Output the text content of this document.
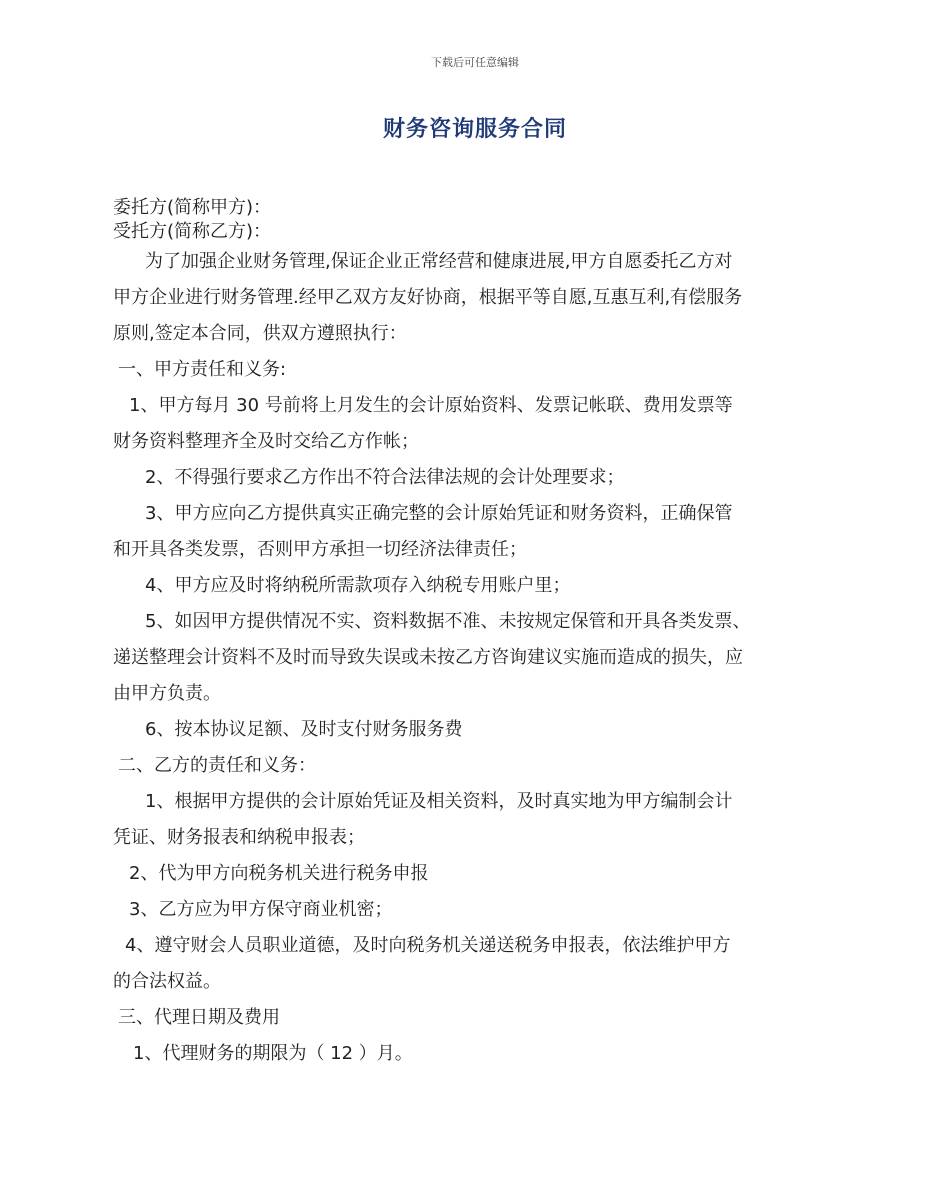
下载后可任意编辑
财务咨询服务合同
委托方(简称甲方)：
受托方(简称乙方)：
为了加强企业财务管理,保证企业正常经营和健康进展,甲方自愿委托乙方对
甲方企业进行财务管理.经甲乙双方友好协商，根据平等自愿,互惠互利,有偿服务
原则,签定本合同，供双方遵照执行：
一、甲方责任和义务:
1、甲方每月 30 号前将上月发生的会计原始资料、发票记帐联、费用发票等
财务资料整理齐全及时交给乙方作帐；
2、不得强行要求乙方作出不符合法律法规的会计处理要求；
3、甲方应向乙方提供真实正确完整的会计原始凭证和财务资料，正确保管
和开具各类发票，否则甲方承担一切经济法律责任；
4、甲方应及时将纳税所需款项存入纳税专用账户里；
5、如因甲方提供情况不实、资料数据不准、未按规定保管和开具各类发票、
递送整理会计资料不及时而导致失误或未按乙方咨询建议实施而造成的损失，应
由甲方负责。
6、按本协议足额、及时支付财务服务费
二、乙方的责任和义务：
1、根据甲方提供的会计原始凭证及相关资料，及时真实地为甲方编制会计
凭证、财务报表和纳税申报表；
2、代为甲方向税务机关进行税务申报
3、乙方应为甲方保守商业机密；
4、遵守财会人员职业道德，及时向税务机关递送税务申报表，依法维护甲方
的合法权益。
三、代理日期及费用
1、代理财务的期限为（ 12 ）月。
